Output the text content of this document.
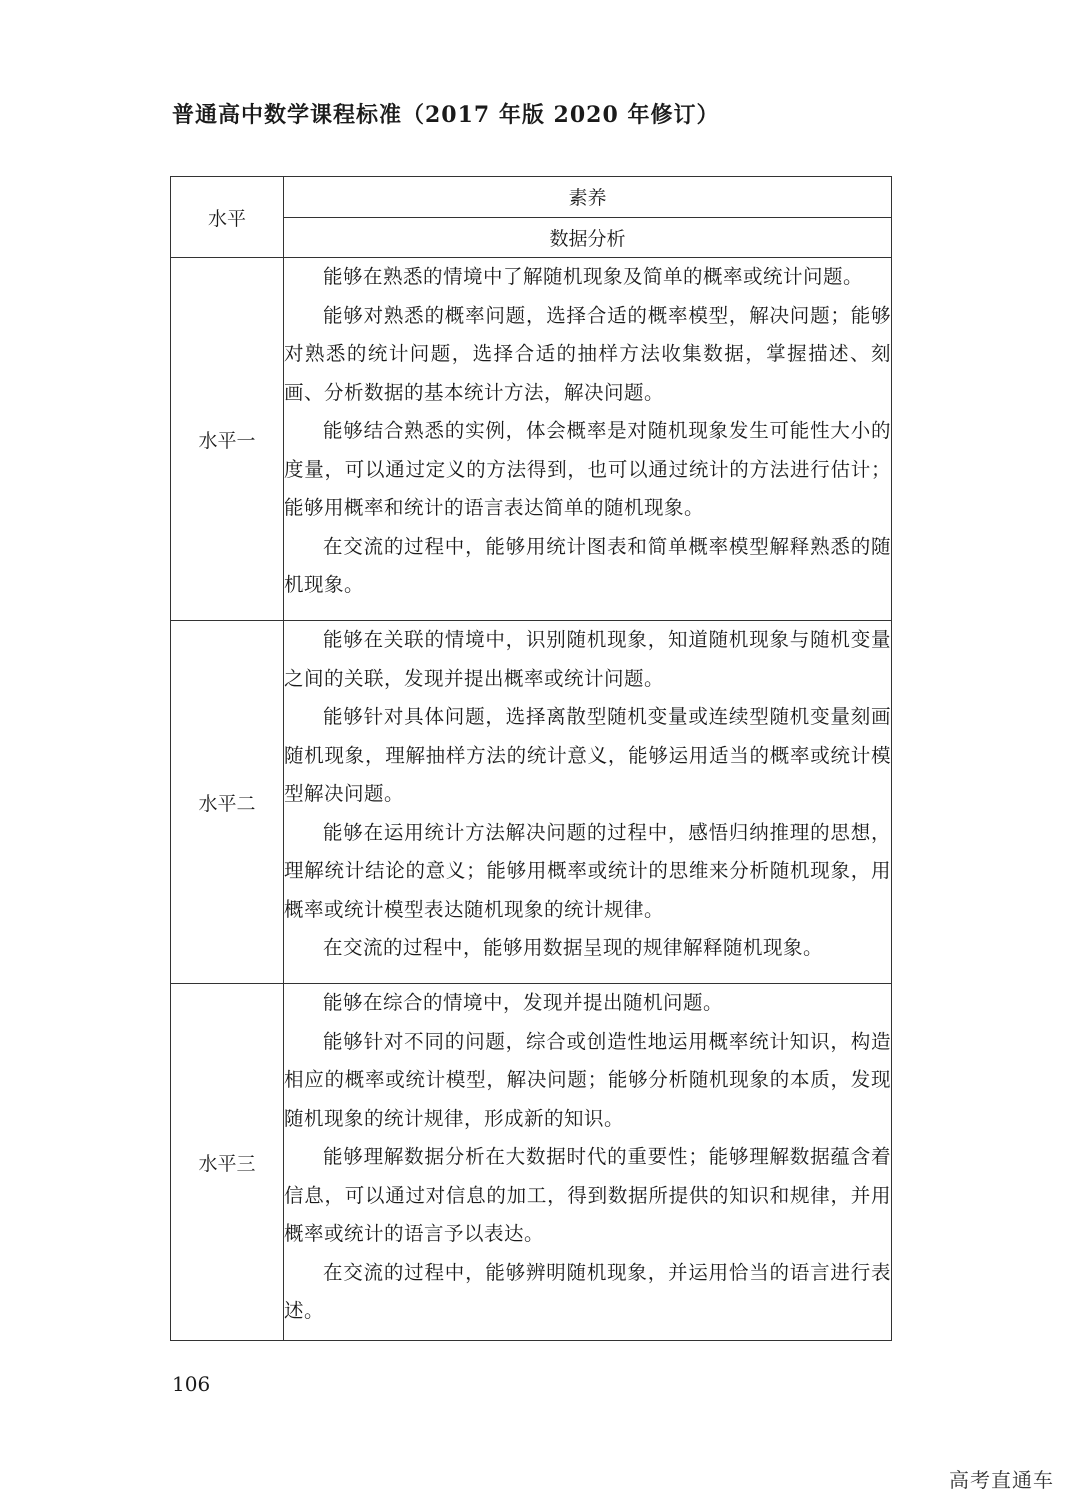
普通高中数学课程标准（2017 年版 2020 年修订）
水平	素养
	数据分析
水平一	能够在熟悉的情境中了解随机现象及简单的概率或统计问题。

能够对熟悉的概率问题，选择合适的概率模型，解决问题；能够对熟悉的统计问题，选择合适的抽样方法收集数据，掌握描述、刻画、分析数据的基本统计方法，解决问题。

能够结合熟悉的实例，体会概率是对随机现象发生可能性大小的度量，可以通过定义的方法得到，也可以通过统计的方法进行估计；能够用概率和统计的语言表达简单的随机现象。

在交流的过程中，能够用统计图表和简单概率模型解释熟悉的随机现象。

水平二	能够在关联的情境中，识别随机现象，知道随机现象与随机变量之间的关联，发现并提出概率或统计问题。

能够针对具体问题，选择离散型随机变量或连续型随机变量刻画随机现象，理解抽样方法的统计意义，能够运用适当的概率或统计模型解决问题。

能够在运用统计方法解决问题的过程中，感悟归纳推理的思想，理解统计结论的意义；能够用概率或统计的思维来分析随机现象，用概率或统计模型表达随机现象的统计规律。

在交流的过程中，能够用数据呈现的规律解释随机现象。

水平三	能够在综合的情境中，发现并提出随机问题。

能够针对不同的问题，综合或创造性地运用概率统计知识，构造相应的概率或统计模型，解决问题；能够分析随机现象的本质，发现随机现象的统计规律，形成新的知识。

能够理解数据分析在大数据时代的重要性；能够理解数据蕴含着信息，可以通过对信息的加工，得到数据所提供的知识和规律，并用概率或统计的语言予以表达。

在交流的过程中，能够辨明随机现象，并运用恰当的语言进行表述。

106
高考直通车
